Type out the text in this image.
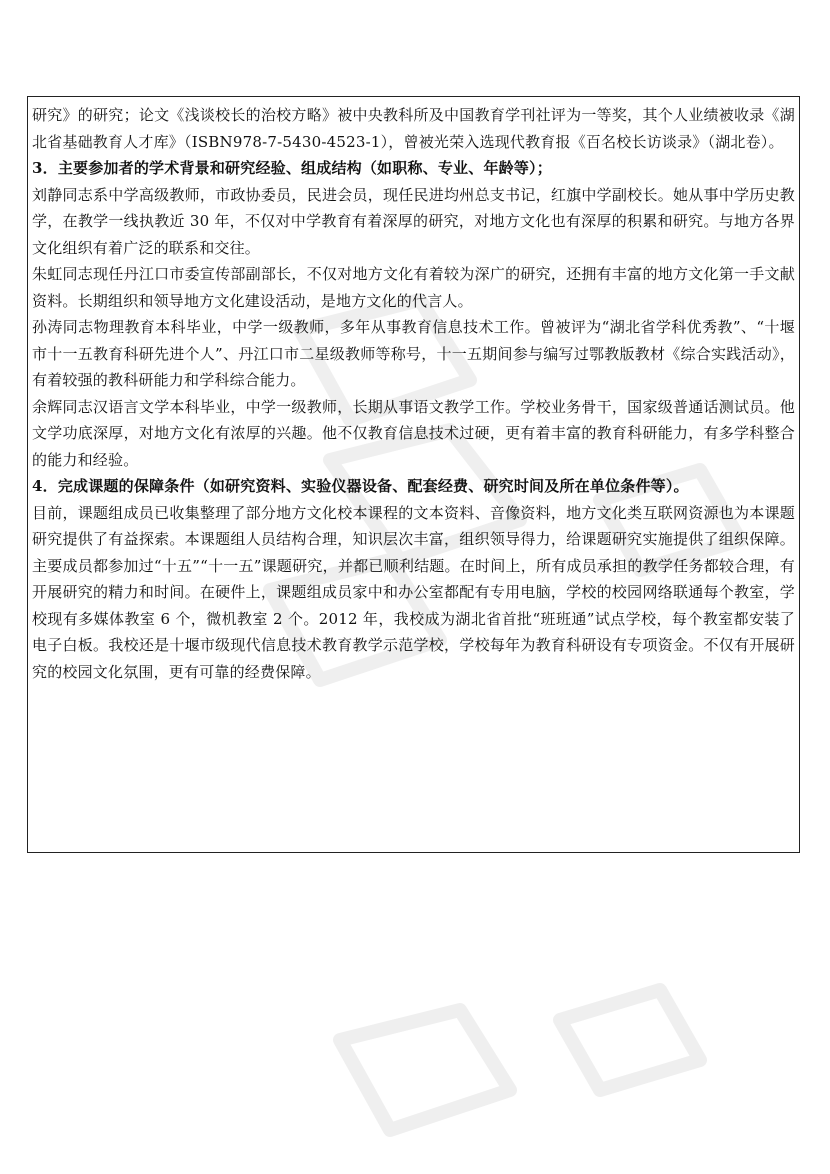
研究》的研究；论文《浅谈校长的治校方略》被中央教科所及中国教育学刊社评为一等奖，其个人业绩被收录《湖北省基础教育人才库》（ISBN978-7-5430-4523-1），曾被光荣入选现代教育报《百名校长访谈录》（湖北卷）。

3．主要参加者的学术背景和研究经验、组成结构（如职称、专业、年龄等）；

刘静同志系中学高级教师，市政协委员，民进会员，现任民进均州总支书记，红旗中学副校长。她从事中学历史教学，在教学一线执教近 30 年，不仅对中学教育有着深厚的研究，对地方文化也有深厚的积累和研究。与地方各界文化组织有着广泛的联系和交往。

朱虹同志现任丹江口市委宣传部副部长，不仅对地方文化有着较为深广的研究，还拥有丰富的地方文化第一手文献资料。长期组织和领导地方文化建设活动，是地方文化的代言人。

孙涛同志物理教育本科毕业，中学一级教师，多年从事教育信息技术工作。曾被评为“湖北省学科优秀教”、“十堰市十一五教育科研先进个人”、丹江口市二星级教师等称号，十一五期间参与编写过鄂教版教材《综合实践活动》，有着较强的教科研能力和学科综合能力。

余辉同志汉语言文学本科毕业，中学一级教师，长期从事语文教学工作。学校业务骨干，国家级普通话测试员。他文学功底深厚，对地方文化有浓厚的兴趣。他不仅教育信息技术过硬，更有着丰富的教育科研能力，有多学科整合的能力和经验。

4．完成课题的保障条件（如研究资料、实验仪器设备、配套经费、研究时间及所在单位条件等）。

目前，课题组成员已收集整理了部分地方文化校本课程的文本资料、音像资料，地方文化类互联网资源也为本课题研究提供了有益探索。本课题组人员结构合理，知识层次丰富，组织领导得力，给课题研究实施提供了组织保障。主要成员都参加过“十五”“十一五”课题研究，并都已顺利结题。在时间上，所有成员承担的教学任务都较合理，有开展研究的精力和时间。在硬件上，课题组成员家中和办公室都配有专用电脑，学校的校园网络联通每个教室，学校现有多媒体教室 6 个，微机教室 2 个。2012 年，我校成为湖北省首批“班班通”试点学校，每个教室都安装了电子白板。我校还是十堰市级现代信息技术教育教学示范学校，学校每年为教育科研设有专项资金。不仅有开展研究的校园文化氛围，更有可靠的经费保障。
